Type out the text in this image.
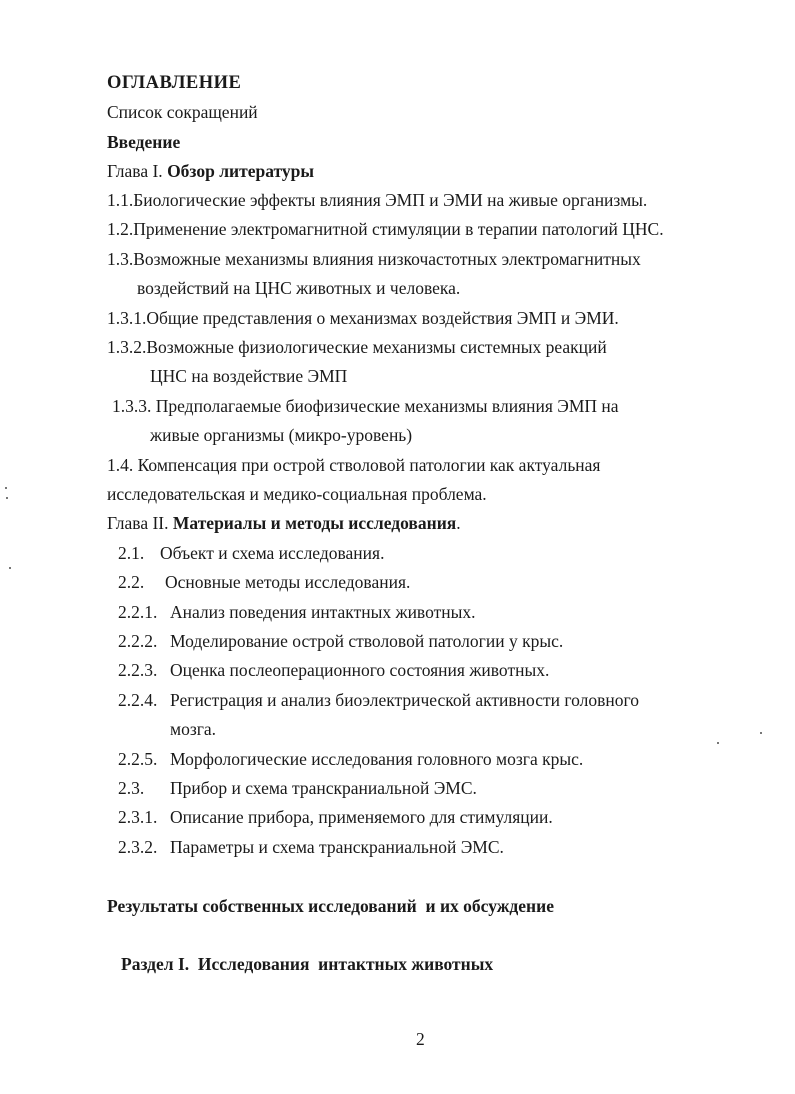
ОГЛАВЛЕНИЕ
Список сокращений
Введение
Глава I. Обзор литературы
1.1.Биологические эффекты влияния ЭМП и ЭМИ на живые организмы.
1.2.Применение электромагнитной стимуляции в терапии патологий ЦНС.
1.3.Возможные механизмы влияния низкочастотных электромагнитных
воздействий на ЦНС животных и человека.
1.3.1.Общие представления о механизмах воздействия ЭМП и ЭМИ.
1.3.2.Возможные физиологические механизмы системных реакций
ЦНС на воздействие ЭМП
1.3.3. Предполагаемые биофизические механизмы влияния ЭМП на
живые организмы (микро-уровень)
1.4. Компенсация при острой стволовой патологии как актуальная
исследовательская и медико-социальная проблема.
Глава II. Материалы и методы исследования.
2.1. Объект и схема исследования.
2.2. Основные методы исследования.
2.2.1. Анализ поведения интактных животных.
2.2.2. Моделирование острой стволовой патологии у крыс.
2.2.3. Оценка послеоперационного состояния животных.
2.2.4. Регистрация и анализ биоэлектрической активности головного
мозга.
2.2.5. Морфологические исследования головного мозга крыс.
2.3. Прибор и схема транскраниальной ЭМС.
2.3.1. Описание прибора, применяемого для стимуляции.
2.3.2. Параметры и схема транскраниальной ЭМС.
Результаты собственных исследований  и их обсуждение
Раздел I.  Исследования  интактных животных
2
